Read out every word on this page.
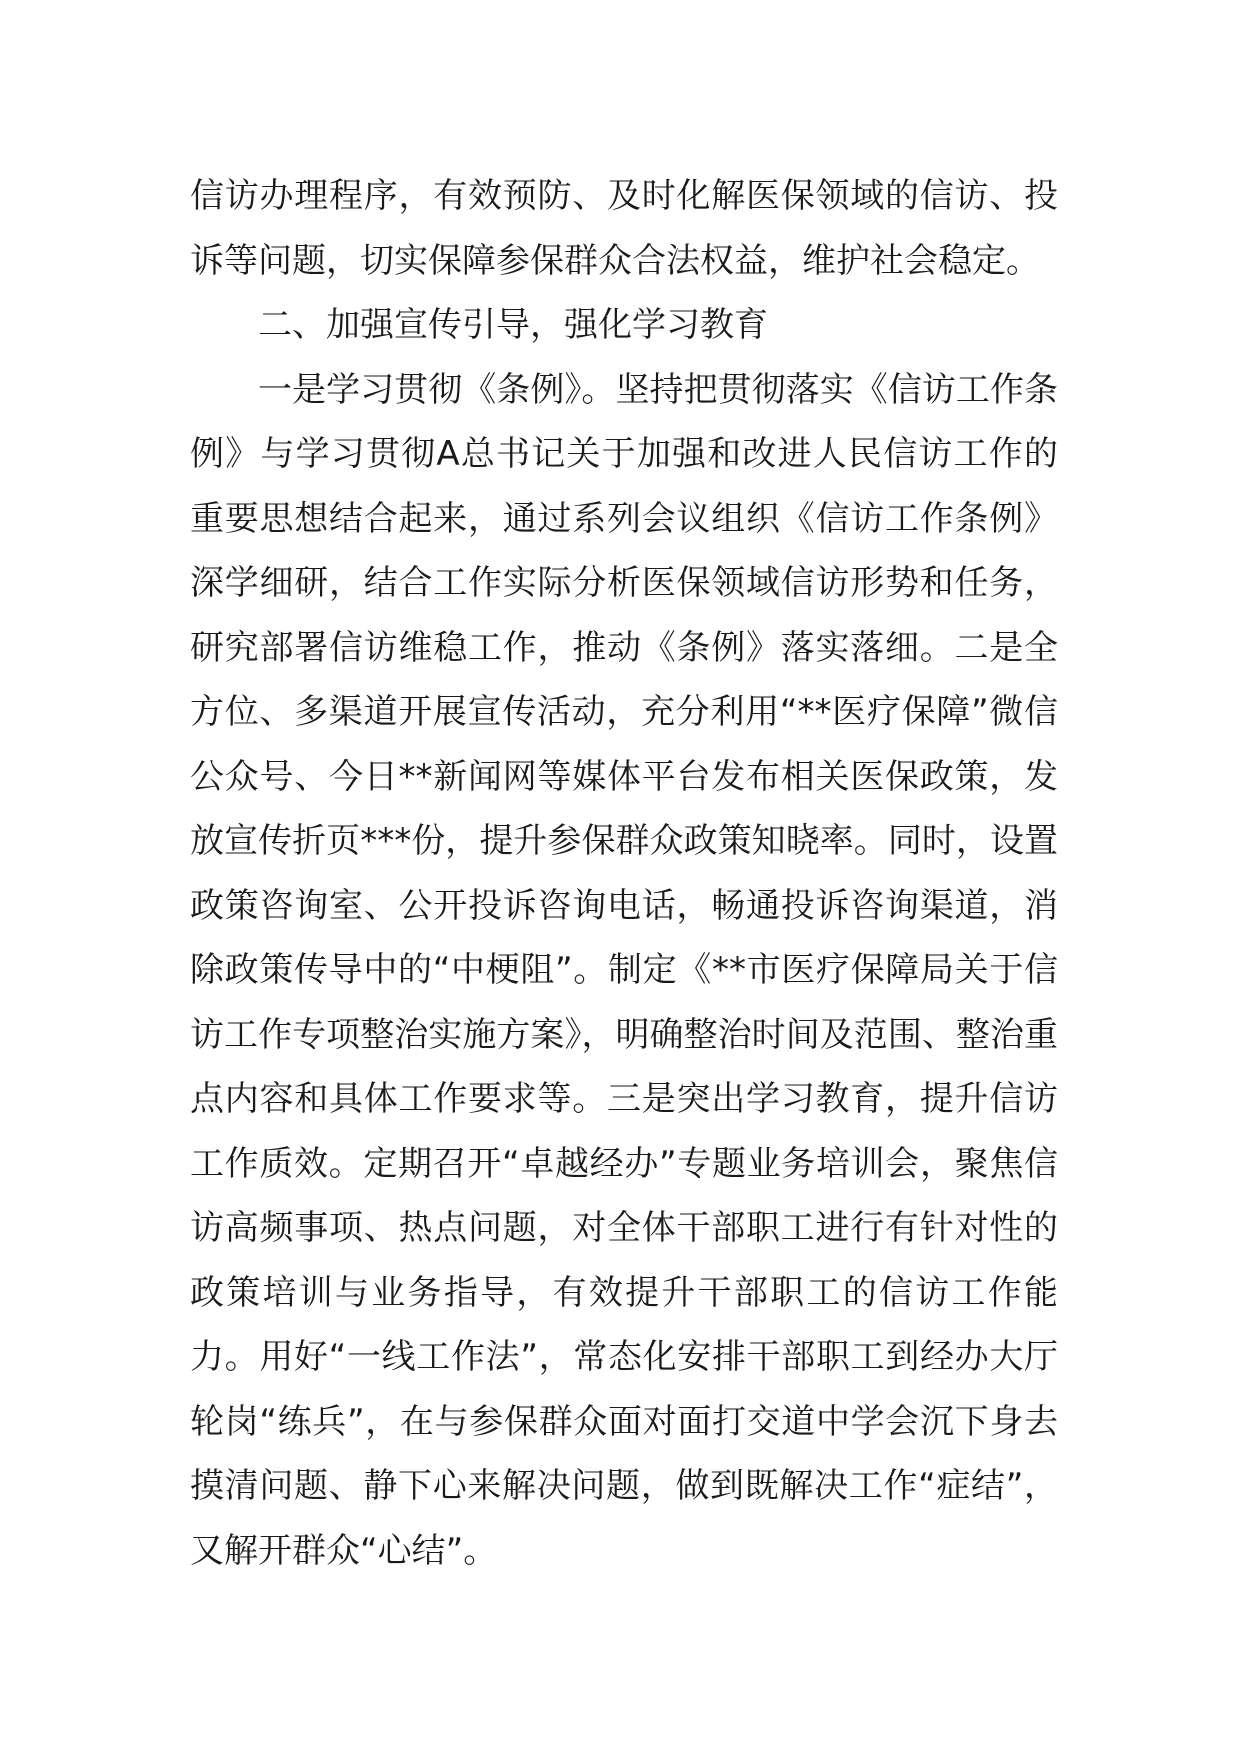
信访办理程序，有效预防、及时化解医保领域的信访、投诉等问题，切实保障参保群众合法权益，维护社会稳定。

二、加强宣传引导，强化学习教育

一是学习贯彻《条例》。坚持把贯彻落实《信访工作条例》与学习贯彻A总书记关于加强和改进人民信访工作的重要思想结合起来，通过系列会议组织《信访工作条例》深学细研，结合工作实际分析医保领域信访形势和任务，研究部署信访维稳工作，推动《条例》落实落细。二是全方位、多渠道开展宣传活动，充分利用“**医疗保障”微信公众号、今日**新闻网等媒体平台发布相关医保政策，发放宣传折页***份，提升参保群众政策知晓率。同时，设置政策咨询室、公开投诉咨询电话，畅通投诉咨询渠道，消除政策传导中的“中梗阻”。制定《**市医疗保障局关于信访工作专项整治实施方案》，明确整治时间及范围、整治重点内容和具体工作要求等。三是突出学习教育，提升信访工作质效。定期召开“卓越经办”专题业务培训会，聚焦信访高频事项、热点问题，对全体干部职工进行有针对性的政策培训与业务指导，有效提升干部职工的信访工作能力。用好“一线工作法”，常态化安排干部职工到经办大厅轮岗“练兵”，在与参保群众面对面打交道中学会沉下身去摸清问题、静下心来解决问题，做到既解决工作“症结”，又解开群众“心结”。
